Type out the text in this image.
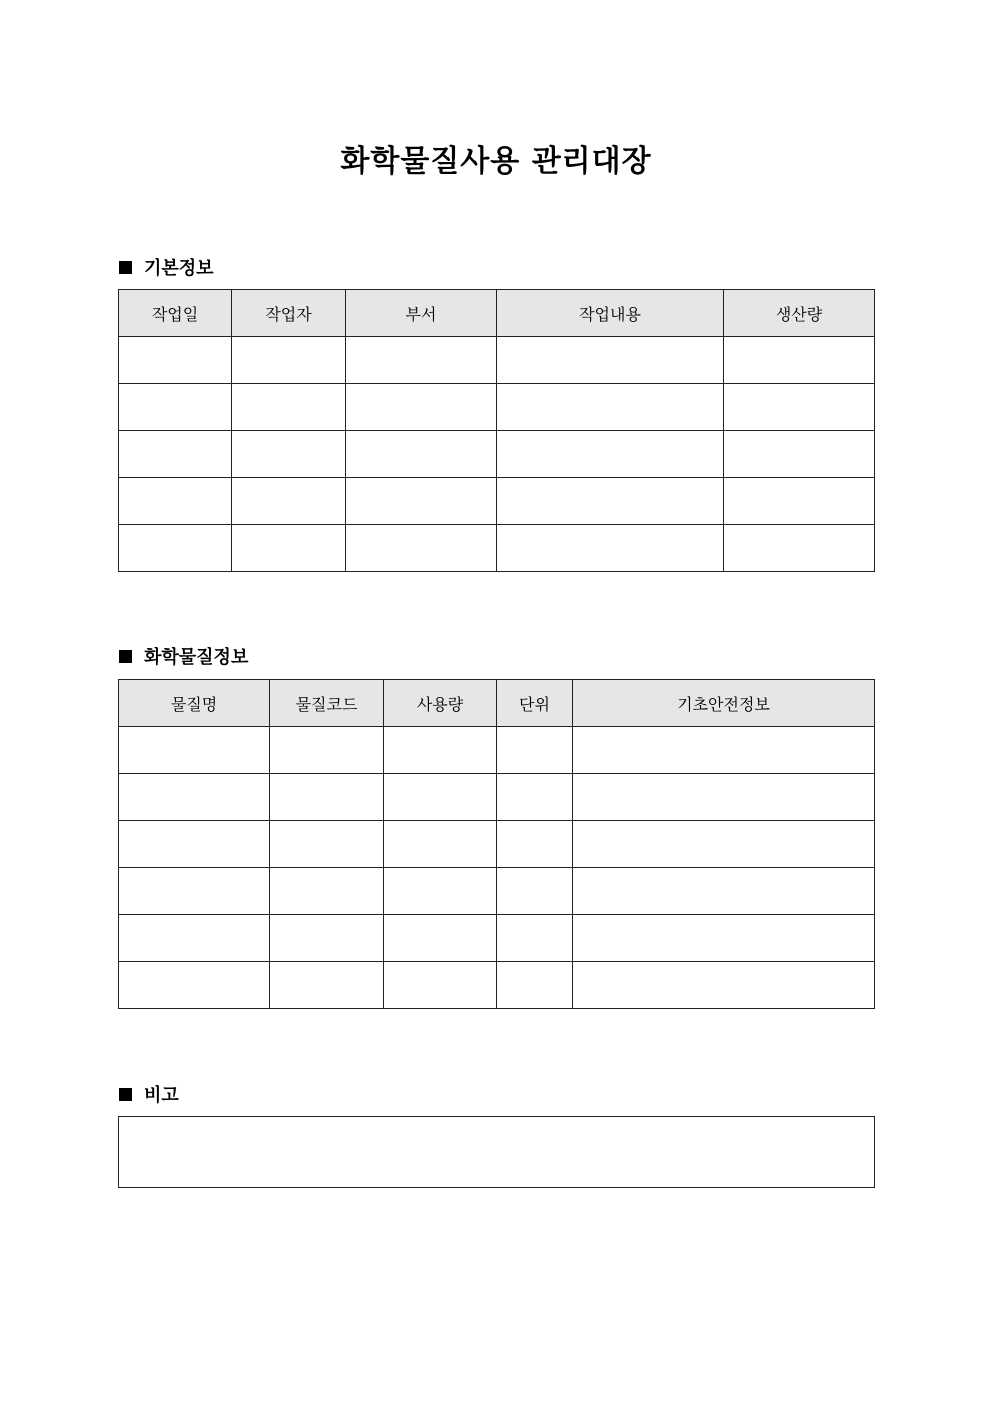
화학물질사용 관리대장
기본정보
작업일	작업자	부서	작업내용	생산량

화학물질정보
물질명	물질코드	사용량	단위	기초안전정보

비고
